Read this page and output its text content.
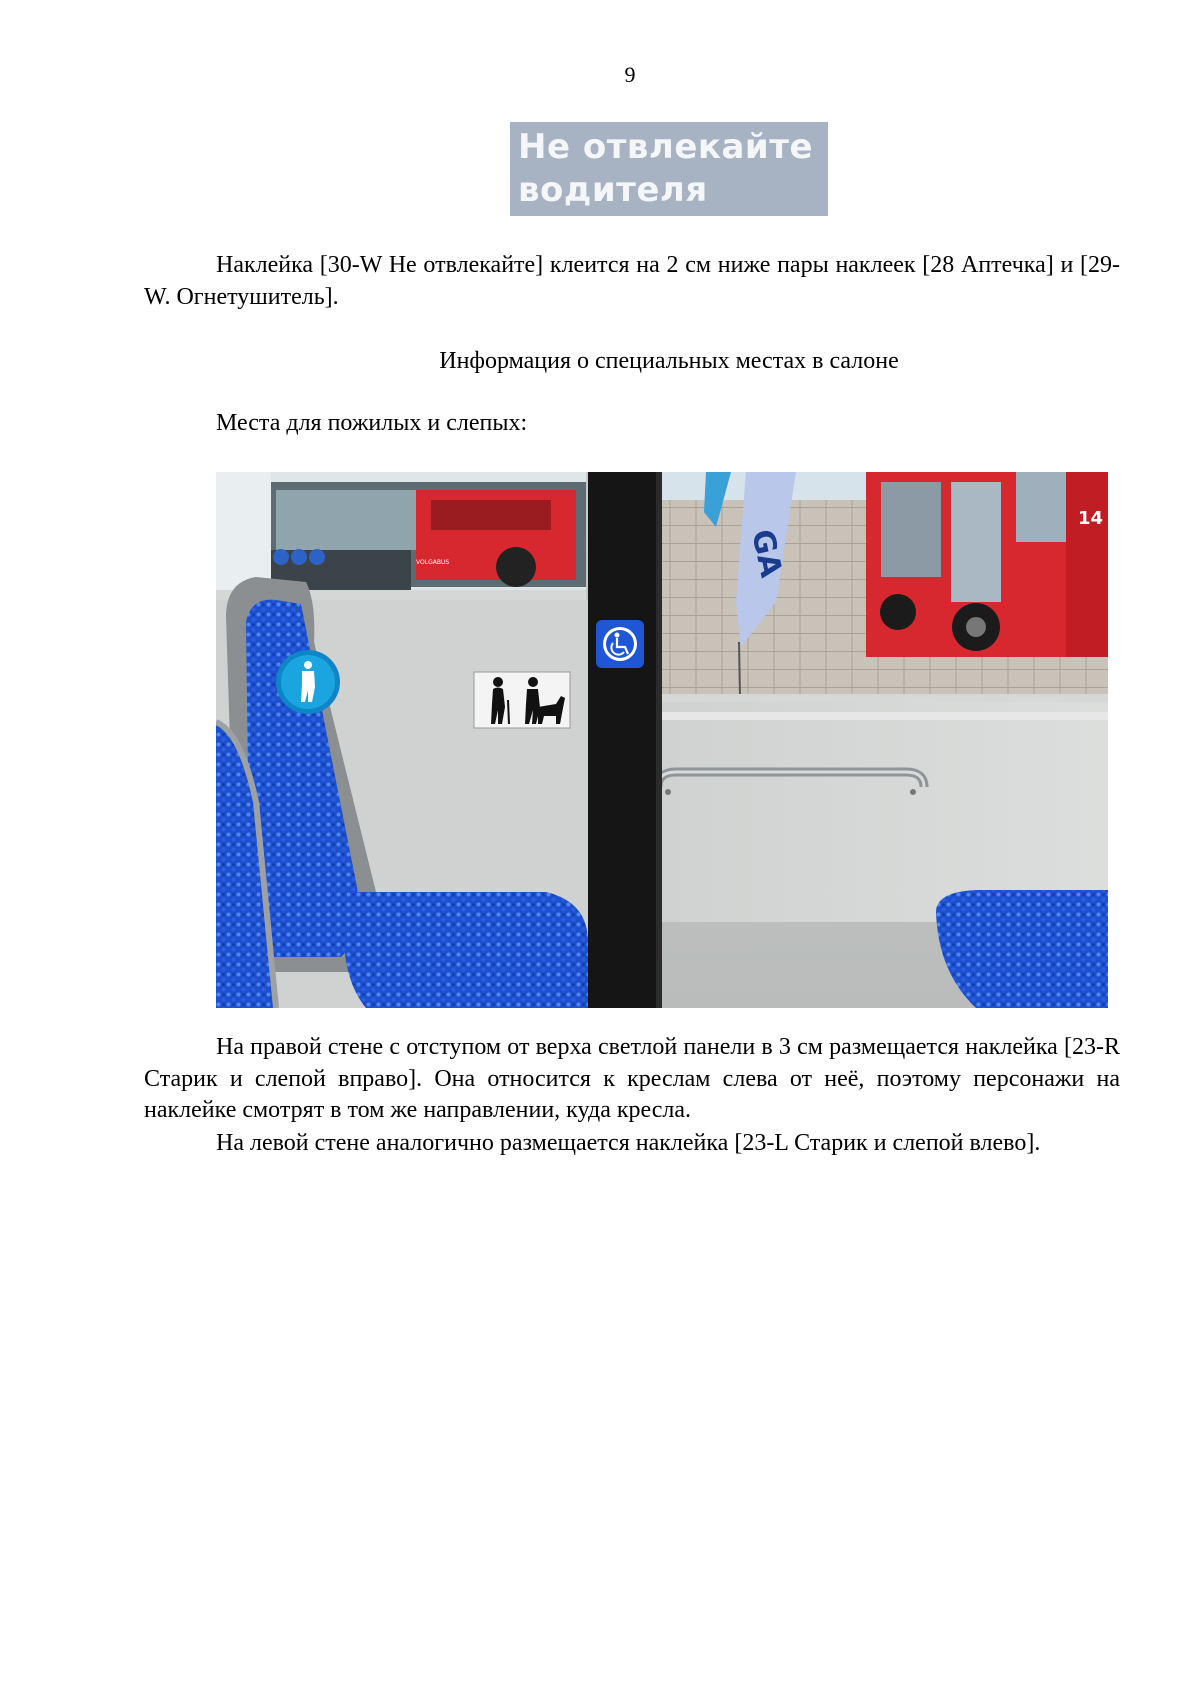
9
Не отвлекайте
водителя
Наклейка [30-W Не отвлекайте] клеится на 2 см ниже пары наклеек [28 Аптечка] и [29-W. Огнетушитель].
Информация о специальных местах в салоне
Места для пожилых и слепых:
VOLGABUS	GA
14
На правой стене с отступом от верха светлой панели в 3 см размещается наклейка [23-R Старик и слепой вправо]. Она относится к креслам слева от неё, поэтому персонажи на наклейке смотрят в том же направлении, куда кресла.
На левой стене аналогично размещается наклейка [23-L Старик и слепой влево].
